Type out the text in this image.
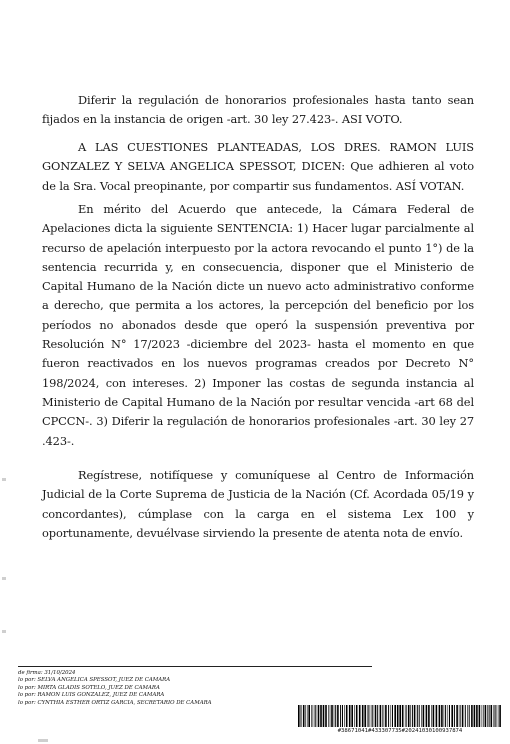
Diferir la regulación de honorarios profesionales hasta tanto sean fijados en la instancia de origen -art. 30 ley 27.423-. ASI VOTO.

A LAS CUESTIONES PLANTEADAS, LOS DRES. RAMON LUIS GONZALEZ Y SELVA ANGELICA SPESSOT, DICEN: Que adhieren al voto de la Sra. Vocal preopinante, por compartir sus fundamentos. ASÍ VOTAN.

En mérito del Acuerdo que antecede, la Cámara Federal de Apelaciones dicta la siguiente SENTENCIA: 1) Hacer lugar parcialmente al recurso de apelación interpuesto por la actora revocando el punto 1°) de la sentencia recurrida y, en consecuencia, disponer que el Ministerio de Capital Humano de la Nación dicte un nuevo acto administrativo conforme a derecho, que permita a los actores, la percepción del beneficio por los períodos no abonados desde que operó la suspensión preventiva por Resolución N° 17/2023 -diciembre del 2023- hasta el momento en que fueron reactivados en los nuevos programas creados por Decreto N° 198/2024, con intereses. 2) Imponer las costas de segunda instancia al Ministerio de Capital Humano de la Nación por resultar vencida -art 68 del CPCCN-. 3) Diferir la regulación de honorarios profesionales -art. 30 ley 27 .423-.

Regístrese, notifíquese y comuníquese al Centro de Información Judicial de la Corte Suprema de Justicia de la Nación (Cf. Acordada 05/19 y concordantes), cúmplase con la carga en el sistema Lex 100 y oportunamente, devuélvase sirviendo la presente de atenta nota de envío.

de firma: 31/10/2024
lo por: SELVA ANGELICA SPESSOT, JUEZ DE CAMARA
lo por: MIRTA GLADIS SOTELO, JUEZ DE CAMARA
lo por: RAMON LUIS GONZALEZ, JUEZ DE CAMARA
lo por: CYNTHIA ESTHER ORTIZ GARCIA, SECRETARIO DE CAMARA
#38671041#433307735#20241030100937874
